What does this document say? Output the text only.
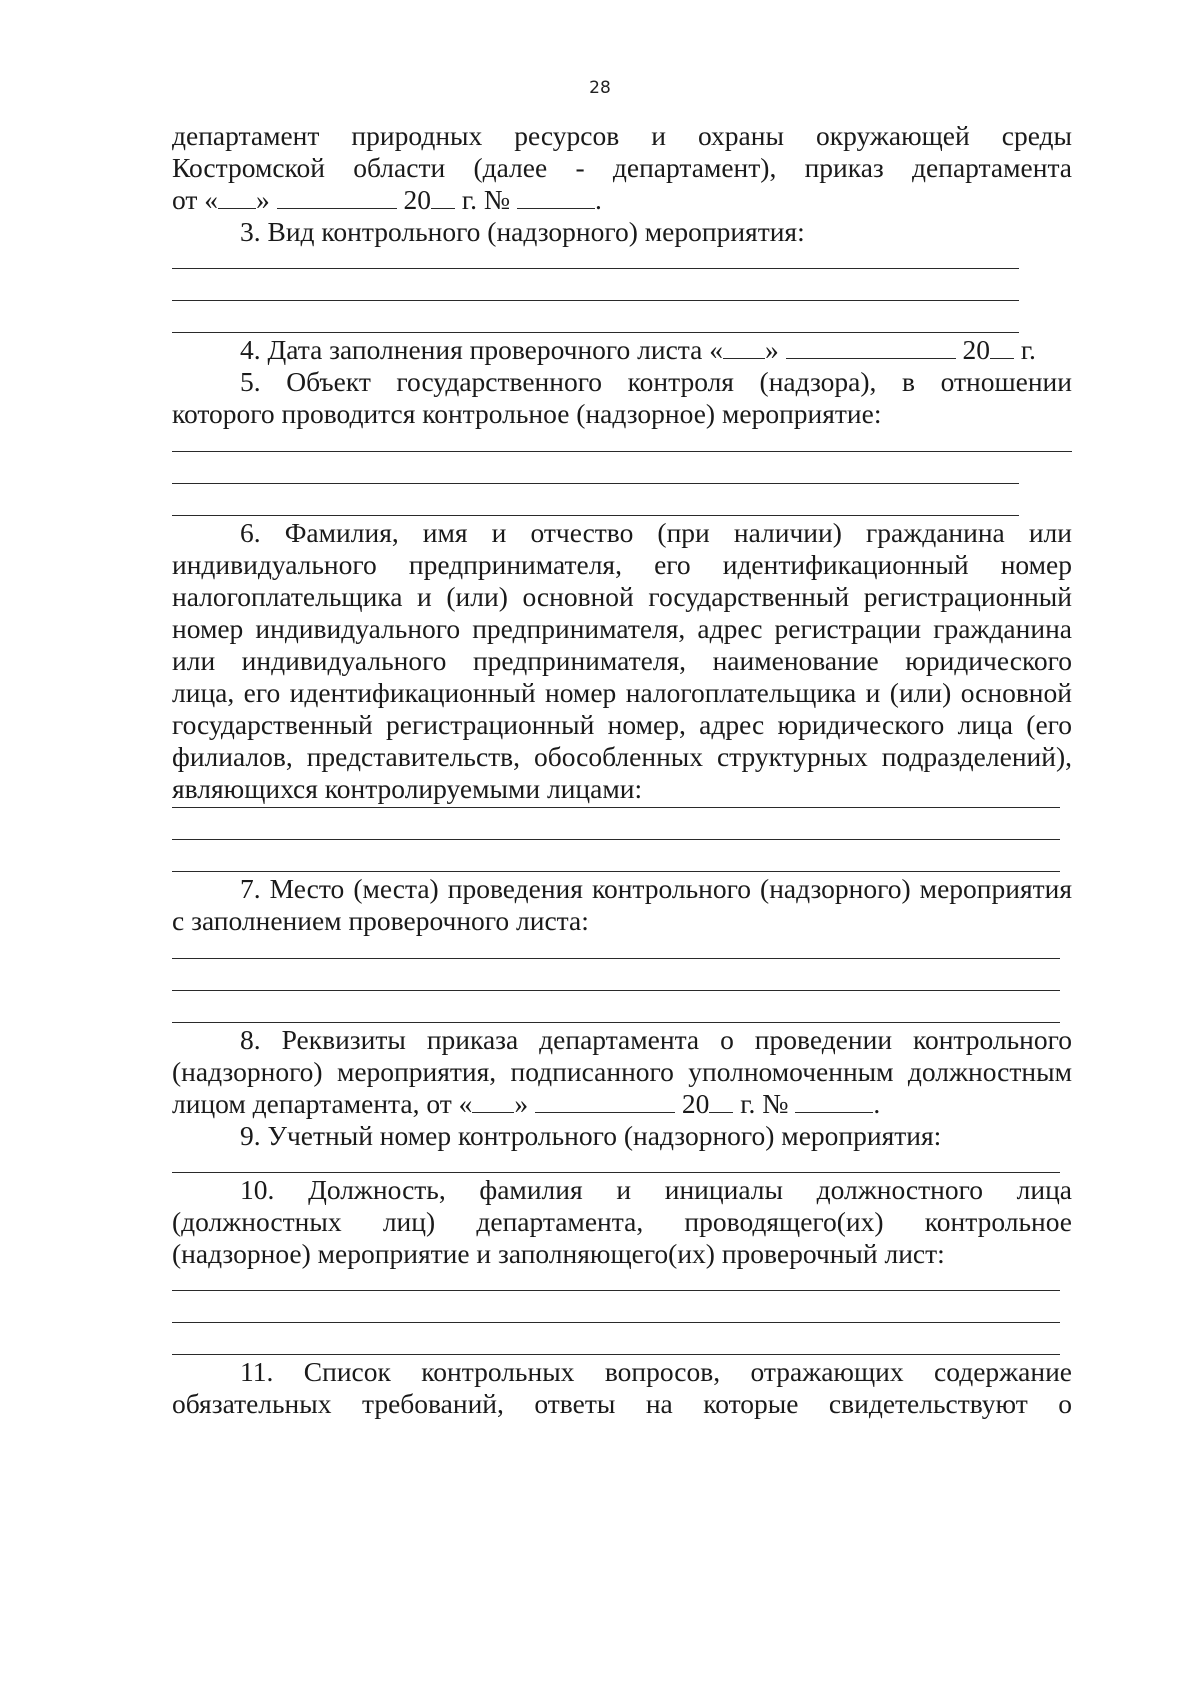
28
департамент природных ресурсов и охраны окружающей среды
Костромской области (далее - департамент), приказ департамента
от « »	20 г. №	.
3. Вид контрольного (надзорного) мероприятия:
4. Дата заполнения проверочного листа « »	20 г.
5. Объект государственного контроля (надзора), в отношении
которого проводится контрольное (надзорное) мероприятие:
6. Фамилия, имя и отчество (при наличии) гражданина или
индивидуального предпринимателя, его идентификационный номер
налогоплательщика и (или) основной государственный регистрационный
номер индивидуального предпринимателя, адрес регистрации гражданина
или индивидуального предпринимателя, наименование юридического
лица, его идентификационный номер налогоплательщика и (или) основной
государственный регистрационный номер, адрес юридического лица (его
филиалов, представительств, обособленных структурных подразделений),
являющихся контролируемыми лицами:
7. Место (места) проведения контрольного (надзорного) мероприятия
с заполнением проверочного листа:
8. Реквизиты приказа департамента о проведении контрольного
(надзорного) мероприятия, подписанного уполномоченным должностным
лицом департамента, от « »	20 г. №	.
9. Учетный номер контрольного (надзорного) мероприятия:
10. Должность, фамилия и инициалы должностного лица
(должностных лиц) департамента, проводящего(их) контрольное
(надзорное) мероприятие и заполняющего(их) проверочный лист:
11. Список контрольных вопросов, отражающих содержание
обязательных требований, ответы на которые свидетельствуют о
